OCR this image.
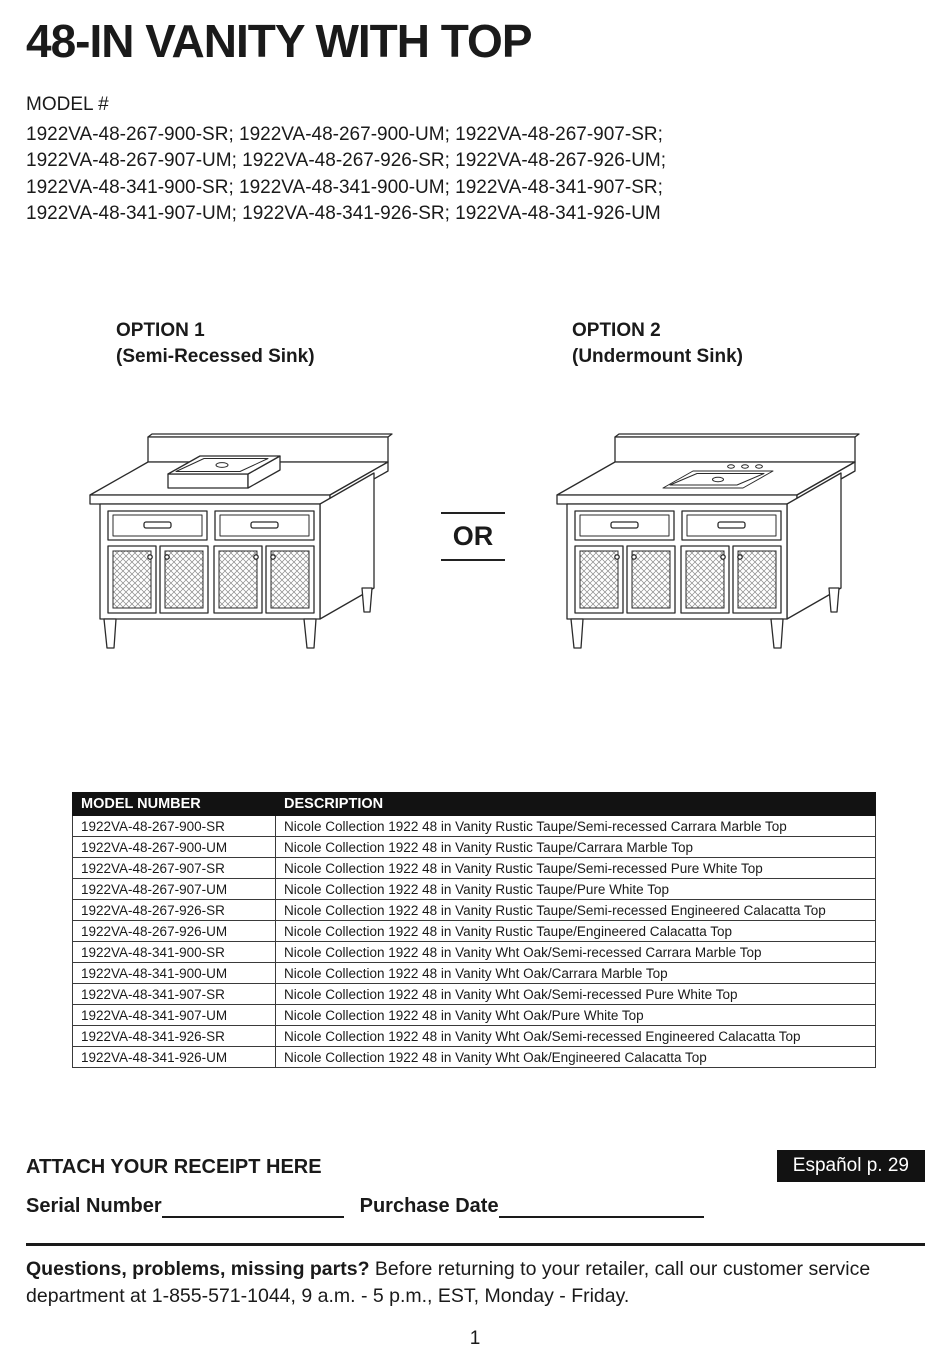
48-IN VANITY WITH TOP
MODEL #
1922VA-48-267-900-SR; 1922VA-48-267-900-UM; 1922VA-48-267-907-SR;
1922VA-48-267-907-UM; 1922VA-48-267-926-SR; 1922VA-48-267-926-UM;
1922VA-48-341-900-SR; 1922VA-48-341-900-UM; 1922VA-48-341-907-SR;
1922VA-48-341-907-UM; 1922VA-48-341-926-SR; 1922VA-48-341-926-UM
OPTION 1
(Semi-Recessed Sink)
OPTION 2
(Undermount Sink)
OR
MODEL NUMBER	DESCRIPTION
1922VA-48-267-900-SR	Nicole Collection 1922 48 in Vanity Rustic Taupe/Semi-recessed Carrara Marble Top
1922VA-48-267-900-UM	Nicole Collection 1922 48 in Vanity Rustic Taupe/Carrara Marble Top
1922VA-48-267-907-SR	Nicole Collection 1922 48 in Vanity Rustic Taupe/Semi-recessed Pure White Top
1922VA-48-267-907-UM	Nicole Collection 1922 48 in Vanity Rustic Taupe/Pure White Top
1922VA-48-267-926-SR	Nicole Collection 1922 48 in Vanity Rustic Taupe/Semi-recessed Engineered Calacatta Top
1922VA-48-267-926-UM	Nicole Collection 1922 48 in Vanity Rustic Taupe/Engineered Calacatta Top
1922VA-48-341-900-SR	Nicole Collection 1922 48 in Vanity Wht Oak/Semi-recessed Carrara Marble Top
1922VA-48-341-900-UM	Nicole Collection 1922 48 in Vanity Wht Oak/Carrara Marble Top
1922VA-48-341-907-SR	Nicole Collection 1922 48 in Vanity Wht Oak/Semi-recessed Pure White Top
1922VA-48-341-907-UM	Nicole Collection 1922 48 in Vanity Wht Oak/Pure White Top
1922VA-48-341-926-SR	Nicole Collection 1922 48 in Vanity Wht Oak/Semi-recessed Engineered Calacatta Top
1922VA-48-341-926-UM	Nicole Collection 1922 48 in Vanity Wht Oak/Engineered Calacatta Top
ATTACH YOUR RECEIPT HERE	Español p. 29
Serial Number	Purchase Date
Questions, problems, missing parts? Before returning to your retailer, call our customer service department at 1-855-571-1044, 9 a.m. - 5 p.m., EST, Monday - Friday.
1
